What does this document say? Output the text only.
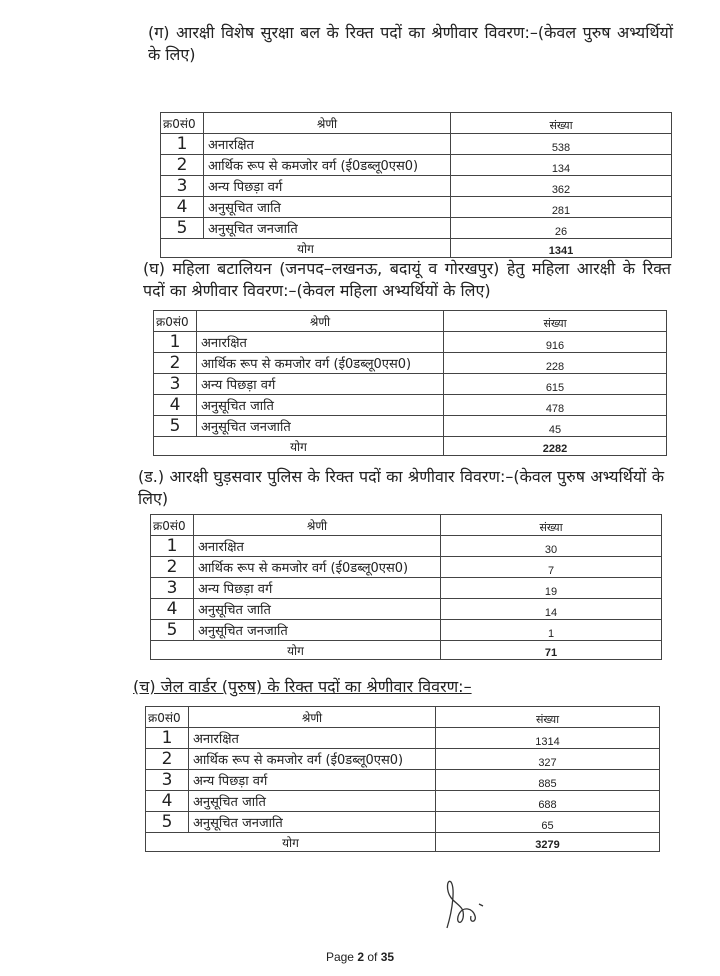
(ग) आरक्षी विशेष सुरक्षा बल के रिक्त पदों का श्रेणीवार विवरण:–(केवल पुरुष अभ्यर्थियों के लिए)
क्र0सं0	श्रेणी	संख्या
1	अनारक्षित	538
2	आर्थिक रूप से कमजोर वर्ग (ई0डब्लू0एस0)	134
3	अन्य पिछड़ा वर्ग	362
4	अनुसूचित जाति	281
5	अनुसूचित जनजाति	26
योग		1341
(घ) महिला बटालियन (जनपद–लखनऊ, बदायूं व गोरखपुर) हेतु महिला आरक्षी के रिक्त पदों का श्रेणीवार विवरण:–(केवल महिला अभ्यर्थियों के लिए)
क्र0सं0	श्रेणी	संख्या
1	अनारक्षित	916
2	आर्थिक रूप से कमजोर वर्ग (ई0डब्लू0एस0)	228
3	अन्य पिछड़ा वर्ग	615
4	अनुसूचित जाति	478
5	अनुसूचित जनजाति	45
योग		2282
(ड.) आरक्षी घुड़सवार पुलिस के रिक्त पदों का श्रेणीवार विवरण:–(केवल पुरुष अभ्यर्थियों के लिए)
क्र0सं0	श्रेणी	संख्या
1	अनारक्षित	30
2	आर्थिक रूप से कमजोर वर्ग (ई0डब्लू0एस0)	7
3	अन्य पिछड़ा वर्ग	19
4	अनुसूचित जाति	14
5	अनुसूचित जनजाति	1
योग		71
(च) जेल वार्डर (पुरुष) के रिक्त पदों का श्रेणीवार विवरण:–
क्र0सं0	श्रेणी	संख्या
1	अनारक्षित	1314
2	आर्थिक रूप से कमजोर वर्ग (ई0डब्लू0एस0)	327
3	अन्य पिछड़ा वर्ग	885
4	अनुसूचित जाति	688
5	अनुसूचित जनजाति	65
योग		3279
Page 2 of 35
